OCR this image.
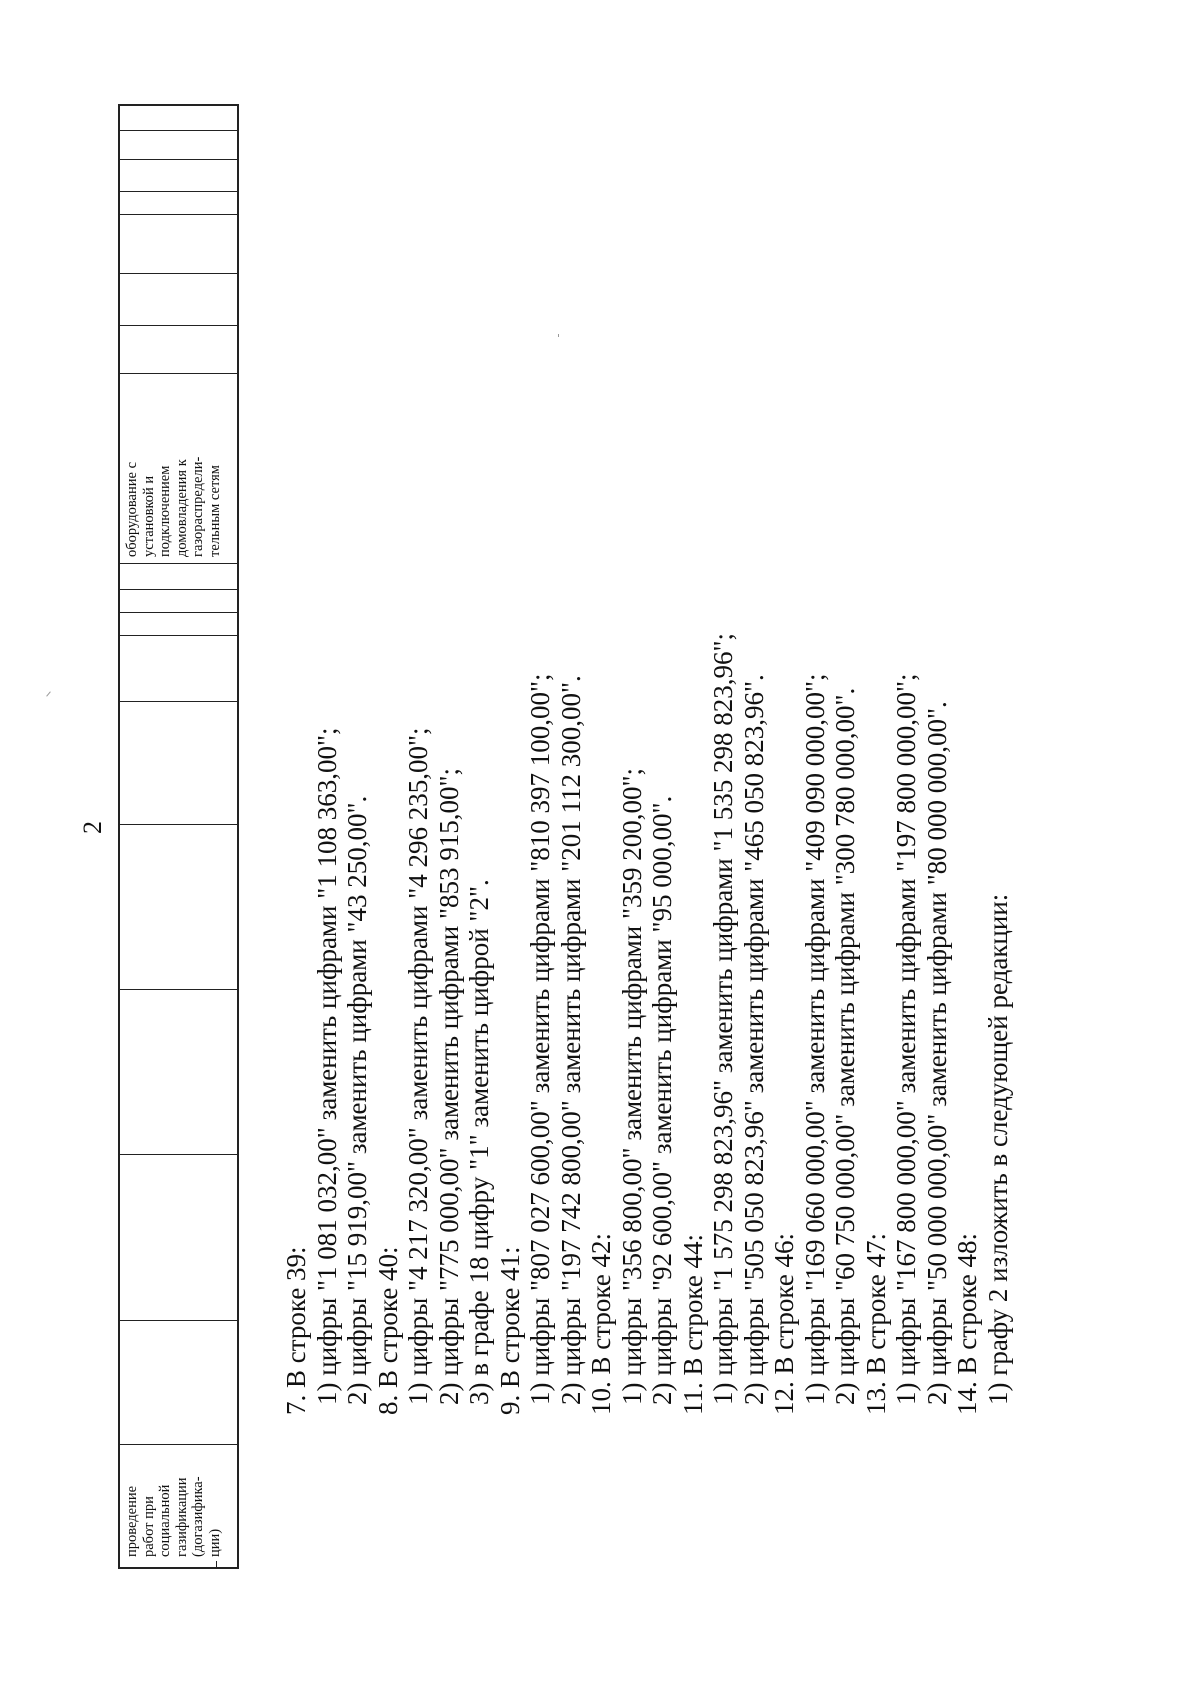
2
проведение работ при социальной газификации (догазифика- ции)
оборудование с установкой и подключением домовладения к газораспредели- тельным сетям
7. В строке 39: 1) цифры "1 081 032,00" заменить цифрами "1 108 363,00"; 2) цифры "15 919,00" заменить цифрами "43 250,00". 8. В строке 40: 1) цифры "4 217 320,00" заменить цифрами "4 296 235,00"; 2) цифры "775 000,00" заменить цифрами "853 915,00"; 3) в графе 18 цифру "1" заменить цифрой "2". 9. В строке 41: 1) цифры "807 027 600,00" заменить цифрами "810 397 100,00"; 2) цифры "197 742 800,00" заменить цифрами "201 112 300,00". 10. В строке 42: 1) цифры "356 800,00" заменить цифрами "359 200,00"; 2) цифры "92 600,00" заменить цифрами "95 000,00". 11. В строке 44: 1) цифры "1 575 298 823,96" заменить цифрами "1 535 298 823,96"; 2) цифры "505 050 823,96" заменить цифрами "465 050 823,96". 12. В строке 46: 1) цифры "169 060 000,00" заменить цифрами "409 090 000,00"; 2) цифры "60 750 000,00" заменить цифрами "300 780 000,00". 13. В строке 47: 1) цифры "167 800 000,00" заменить цифрами "197 800 000,00"; 2) цифры "50 000 000,00" заменить цифрами "80 000 000,00". 14. В строке 48: 1) графу 2 изложить в следующей редакции:
